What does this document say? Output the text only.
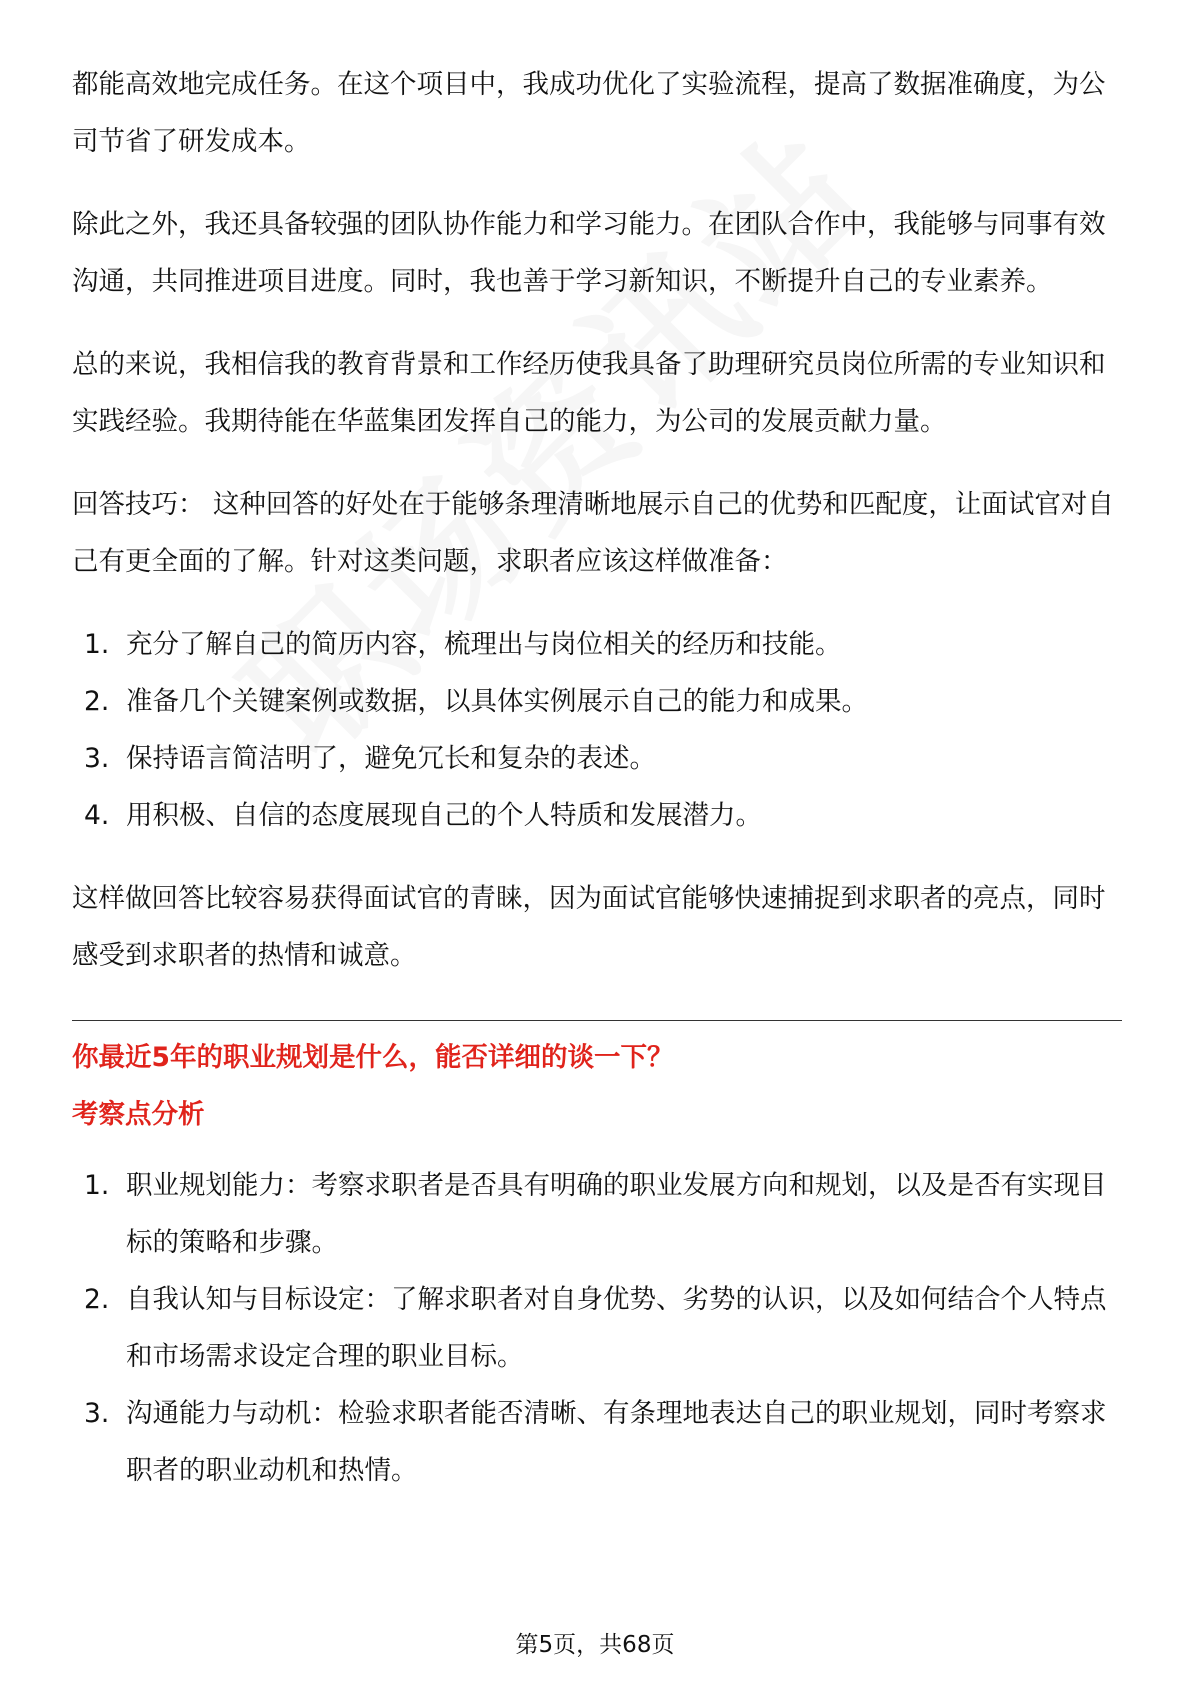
都能高效地完成任务。在这个项目中，我成功优化了实验流程，提高了数据准确度，为公司节省了研发成本。

除此之外，我还具备较强的团队协作能力和学习能力。在团队合作中，我能够与同事有效沟通，共同推进项目进度。同时，我也善于学习新知识，不断提升自己的专业素养。

总的来说，我相信我的教育背景和工作经历使我具备了助理研究员岗位所需的专业知识和实践经验。我期待能在华蓝集团发挥自己的能力，为公司的发展贡献力量。

回答技巧： 这种回答的好处在于能够条理清晰地展示自己的优势和匹配度，让面试官对自己有更全面的了解。针对这类问题，求职者应该这样做准备：

1. 充分了解自己的简历内容，梳理出与岗位相关的经历和技能。
2. 准备几个关键案例或数据，以具体实例展示自己的能力和成果。
3. 保持语言简洁明了，避免冗长和复杂的表述。
4. 用积极、自信的态度展现自己的个人特质和发展潜力。

这样做回答比较容易获得面试官的青睐，因为面试官能够快速捕捉到求职者的亮点，同时感受到求职者的热情和诚意。

你最近5年的职业规划是什么，能否详细的谈一下？
考察点分析
1. 职业规划能力：考察求职者是否具有明确的职业发展方向和规划，以及是否有实现目标的策略和步骤。
2. 自我认知与目标设定：了解求职者对自身优势、劣势的认识，以及如何结合个人特点和市场需求设定合理的职业目标。
3. 沟通能力与动机：检验求职者能否清晰、有条理地表达自己的职业规划，同时考察求职者的职业动机和热情。
第5页，共68页
